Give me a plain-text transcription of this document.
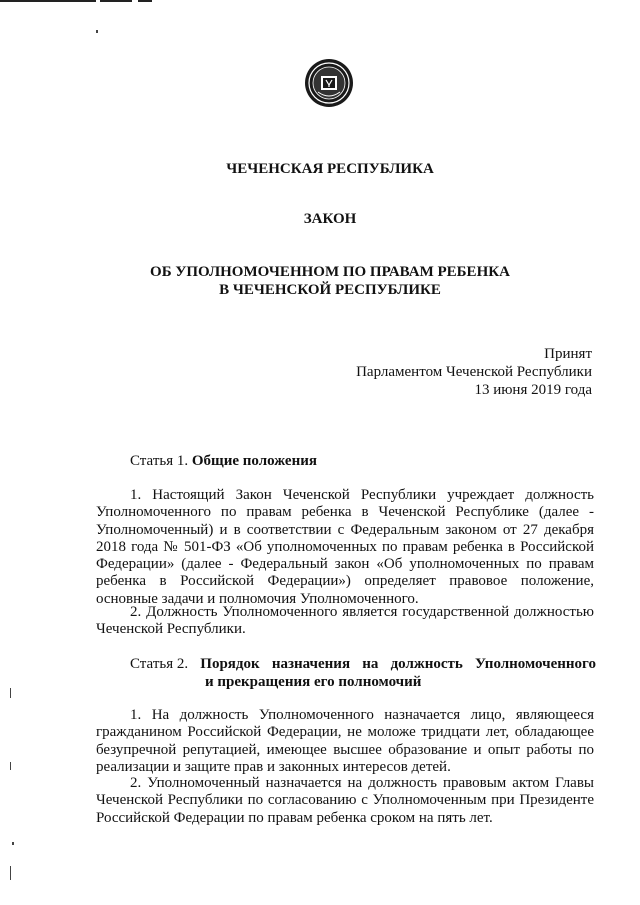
ЧЕЧЕНСКАЯ РЕСПУБЛИКА
ЗАКОН
ОБ УПОЛНОМОЧЕННОМ ПО ПРАВАМ РЕБЕНКА
В ЧЕЧЕНСКОЙ РЕСПУБЛИКЕ
Принят
Парламентом Чеченской Республики
13 июня 2019 года
Статья 1. Общие положения

1. Настоящий Закон Чеченской Республики учреждает должность Уполномоченного по правам ребенка в Чеченской Республике (далее - Уполномоченный) и в соответствии с Федеральным законом от 27 декабря 2018 года № 501-ФЗ «Об уполномоченных по правам ребенка в Российской Федерации» (далее - Федеральный закон «Об уполномоченных по правам ребенка в Российской Федерации») определяет правовое положение, основные задачи и полномочия Уполномоченного.

2. Должность Уполномоченного является государственной должностью Чеченской Республики.

Статья 2. Порядок назначения на должность Уполномоченного
и прекращения его полномочий

1. На должность Уполномоченного назначается лицо, являющееся гражданином Российской Федерации, не моложе тридцати лет, обладающее безупречной репутацией, имеющее высшее образование и опыт работы по реализации и защите прав и законных интересов детей.

2. Уполномоченный назначается на должность правовым актом Главы Чеченской Республики по согласованию с Уполномоченным при Президенте Российской Федерации по правам ребенка сроком на пять лет.
